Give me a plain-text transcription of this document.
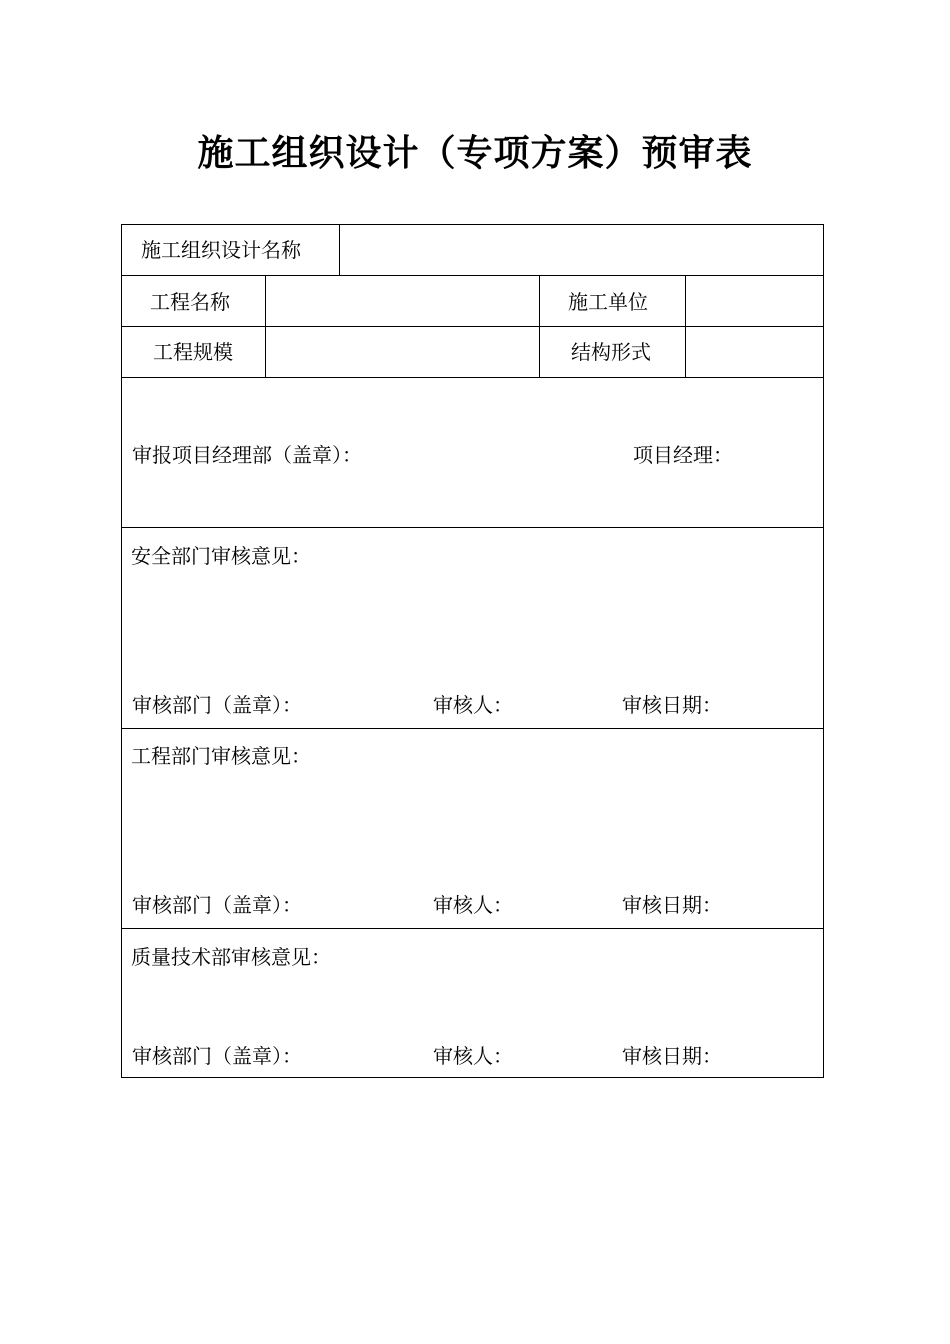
施工组织设计（专项方案）预审表
施工组织设计名称
工程名称	施工单位
工程规模	结构形式
审报项目经理部（盖章）：	项目经理：
安全部门审核意见：
审核部门（盖章）：	审核人：	审核日期：
工程部门审核意见：
审核部门（盖章）：	审核人：	审核日期：
质量技术部审核意见：
审核部门（盖章）：	审核人：	审核日期：
